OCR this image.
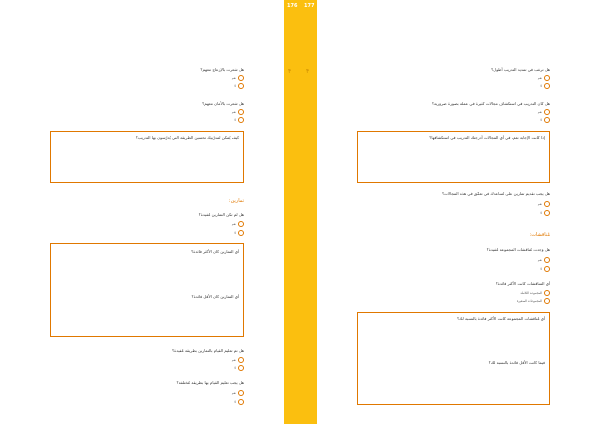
176 177
۴ ۴
هل شعرت بالإزعاج معهم؟
نعم
لا
هل شعرت بالأمان معهم؟
نعم
لا
كيف يُمكن لمدرّبيك تحسين الطريقة التي يُدرّسون بها التدريب؟
تمارين:
هل لم تكن التمارين مُفيدة؟
نعم
لا
أي التمارين كان الأكثر فائدة؟
أي التمارين كان الأقل فائدة؟
هل تم تعليم القيام بالتمارين بطريقة مُفيدة؟
نعم
لا
هل يجب تعليم القيام بها بطريقة مُختلفة؟
نعم
لا
هل ترغب في تمديد التدريب أطول؟
نعم
لا
هل كان التدريب في استكشاف مجالات كثيرة في عمله بصورة ضرورية؟
نعم
لا
إذا كانت الإجابة نعم، في أي المجالات أدرجتك التدريب في استكشافها؟
هل يجب تقديم تمارين على تُساعدك في تعمّق في هذه المجالات؟
نعم
لا
مُناقشات:
هل وجدت مُناقشات المجموعة مُفيدة؟
نعم
لا
أي المناقشات كانت الأكثر فائدة؟
المجموعة الكاملة
المجموعات الصغيرة
أي مُناقشات المجموعة كانت الأكثر فائدة بالنسبة لك؟
فيما كانت الأقل فائدة بالنسبة لك؟
